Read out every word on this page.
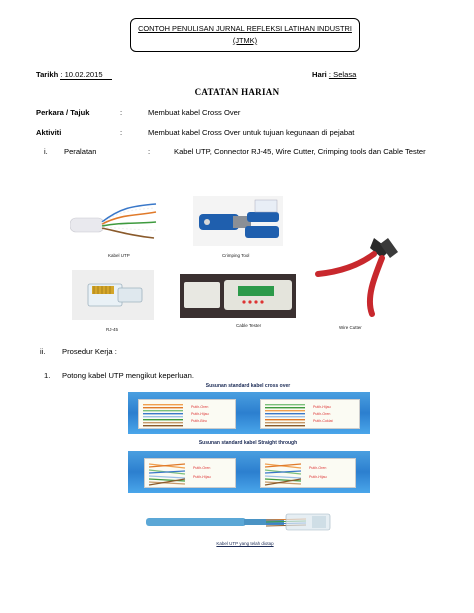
CONTOH PENULISAN JURNAL REFLEKSI LATIHAN INDUSTRI
(JTMK)
Tarikh : 10.02.2015	Hari : Selasa
CATATAN HARIAN
Perkara / Tajuk	:	Membuat kabel Cross Over
Aktiviti	:	Membuat kabel Cross Over untuk tujuan kegunaan di pejabat
i. Peralatan	:	Kabel UTP, Connector RJ-45, Wire Cutter, Crimping tools dan Cable Tester
Kabel UTP	Crimping Tool
Wire Cutter
RJ-45
Cable Tester
ii. Prosedur Kerja :
1. Potong kabel UTP mengikut keperluan.
Susunan standard kabel cross over
Putih-Oren
Putih-Hijau
Putih-Biru
Putih-Hijau
Putih-Oren
Putih-Coklat
Susunan standard kabel Straight through
Putih-Oren
Putih-Hijau
Putih-Oren
Putih-Hijau
Kabel UTP yang telah diotap
